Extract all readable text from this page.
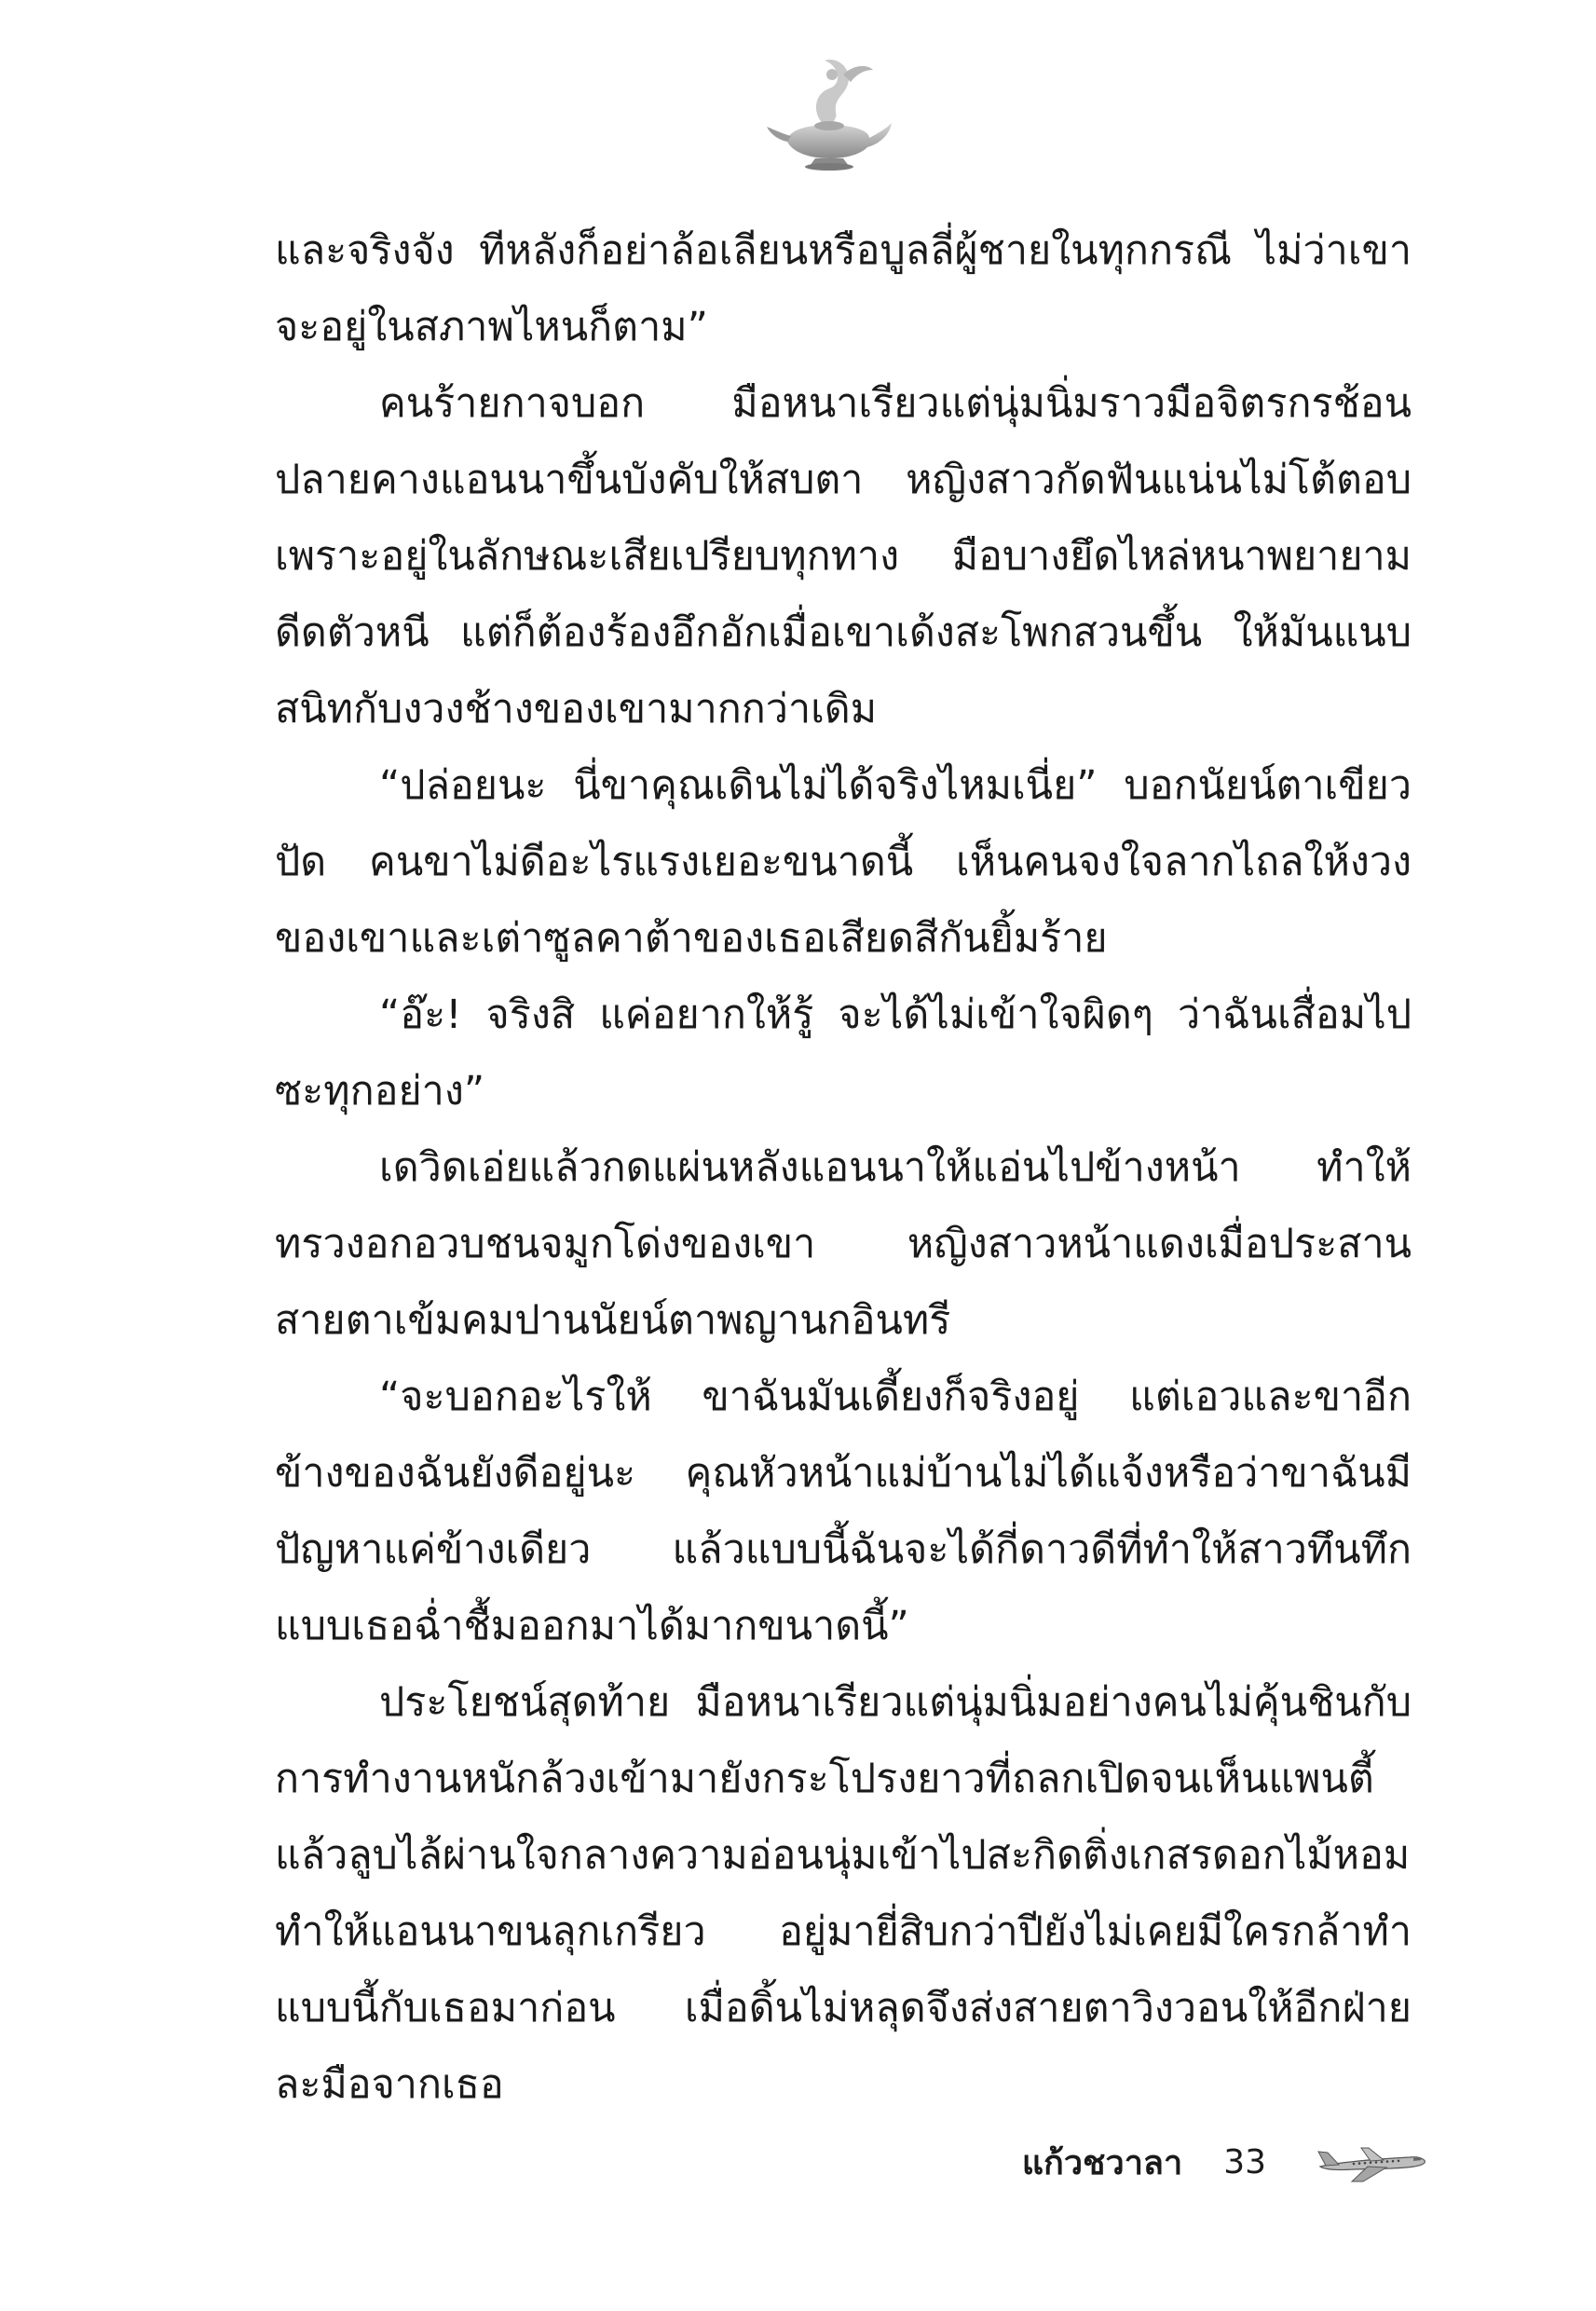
และจริงจัง ทีหลังก็อย่าล้อเลียนหรือบูลลี่ผู้ชายในทุกกรณี ไม่ว่าเขาจะอยู่ในสภาพไหนก็ตาม”

คนร้ายกาจบอก มือหนาเรียวแต่นุ่มนิ่มราวมือจิตรกรช้อนปลายคางแอนนาขึ้นบังคับให้สบตา หญิงสาวกัดฟันแน่นไม่โต้ตอบเพราะอยู่ในลักษณะเสียเปรียบทุกทาง มือบางยึดไหล่หนาพยายามดีดตัวหนี แต่ก็ต้องร้องอึกอักเมื่อเขาเด้งสะโพกสวนขึ้น ให้มันแนบสนิทกับงวงช้างของเขามากกว่าเดิม

“ปล่อยนะ นี่ขาคุณเดินไม่ได้จริงไหมเนี่ย” บอกนัยน์ตาเขียวปัด คนขาไม่ดีอะไรแรงเยอะขนาดนี้ เห็นคนจงใจลากไถลให้งวงของเขาและเต่าซูลคาต้าของเธอเสียดสีกันยิ้มร้าย

“อ๊ะ! จริงสิ แค่อยากให้รู้ จะได้ไม่เข้าใจผิดๆ ว่าฉันเสื่อมไปซะทุกอย่าง”

เดวิดเอ่ยแล้วกดแผ่นหลังแอนนาให้แอ่นไปข้างหน้า ทำให้ทรวงอกอวบชนจมูกโด่งของเขา หญิงสาวหน้าแดงเมื่อประสานสายตาเข้มคมปานนัยน์ตาพญานกอินทรี

“จะบอกอะไรให้ ขาฉันมันเดี้ยงก็จริงอยู่ แต่เอวและขาอีกข้างของฉันยังดีอยู่นะ คุณหัวหน้าแม่บ้านไม่ได้แจ้งหรือว่าขาฉันมีปัญหาแค่ข้างเดียว แล้วแบบนี้ฉันจะได้กี่ดาวดีที่ทำให้สาวทึนทึกแบบเธอฉ่ำชื้มออกมาได้มากขนาดนี้”

ประโยชน์สุดท้าย มือหนาเรียวแต่นุ่มนิ่มอย่างคนไม่คุ้นชินกับการทำงานหนักล้วงเข้ามายังกระโปรงยาวที่ถลกเปิดจนเห็นแพนตี้ แล้วลูบไล้ผ่านใจกลางความอ่อนนุ่มเข้าไปสะกิดติ่งเกสรดอกไม้หอม ทำให้แอนนาขนลุกเกรียว อยู่มายี่สิบกว่าปียังไม่เคยมีใครกล้าทำแบบนี้กับเธอมาก่อน เมื่อดิ้นไม่หลุดจึงส่งสายตาวิงวอนให้อีกฝ่ายละมือจากเธอ

แก้วชวาลา 33
